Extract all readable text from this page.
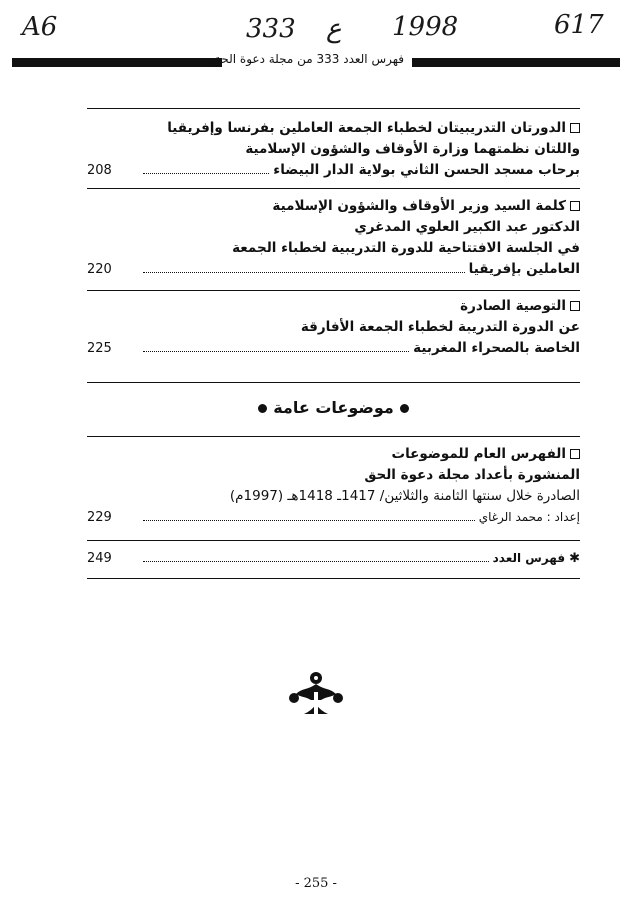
A6	333 ع 1998	617
فهرس العدد 333 من مجلة دعوة الحق
الدورتان التدريبيتان لخطباء الجمعة العاملين بفرنسا وإفريقيا
واللتان نظمتهما وزارة الأوقاف والشؤون الإسلامية
برحاب مسجد الحسن الثاني بولاية الدار البيضاء
208
كلمة السيد وزير الأوقاف والشؤون الإسلامية
الدكتور عبد الكبير العلوي المدغري
في الجلسة الافتتاحية للدورة التدريبية لخطباء الجمعة
العاملين بإفريقيا
220
التوصية الصادرة
عن الدورة التدريبة لخطباء الجمعة الأفارقة
الخاصة بالصحراء المغربية
225
موضوعات عامة
الفهرس العام للموضوعات
المنشورة بأعداد مجلة دعوة الحق
الصادرة خلال سنتها الثامنة والثلاثين/ 1417ـ 1418هـ (1997م)
إعداد : محمد الرغاي
229
✱فهرس العدد
249
- 255 -
